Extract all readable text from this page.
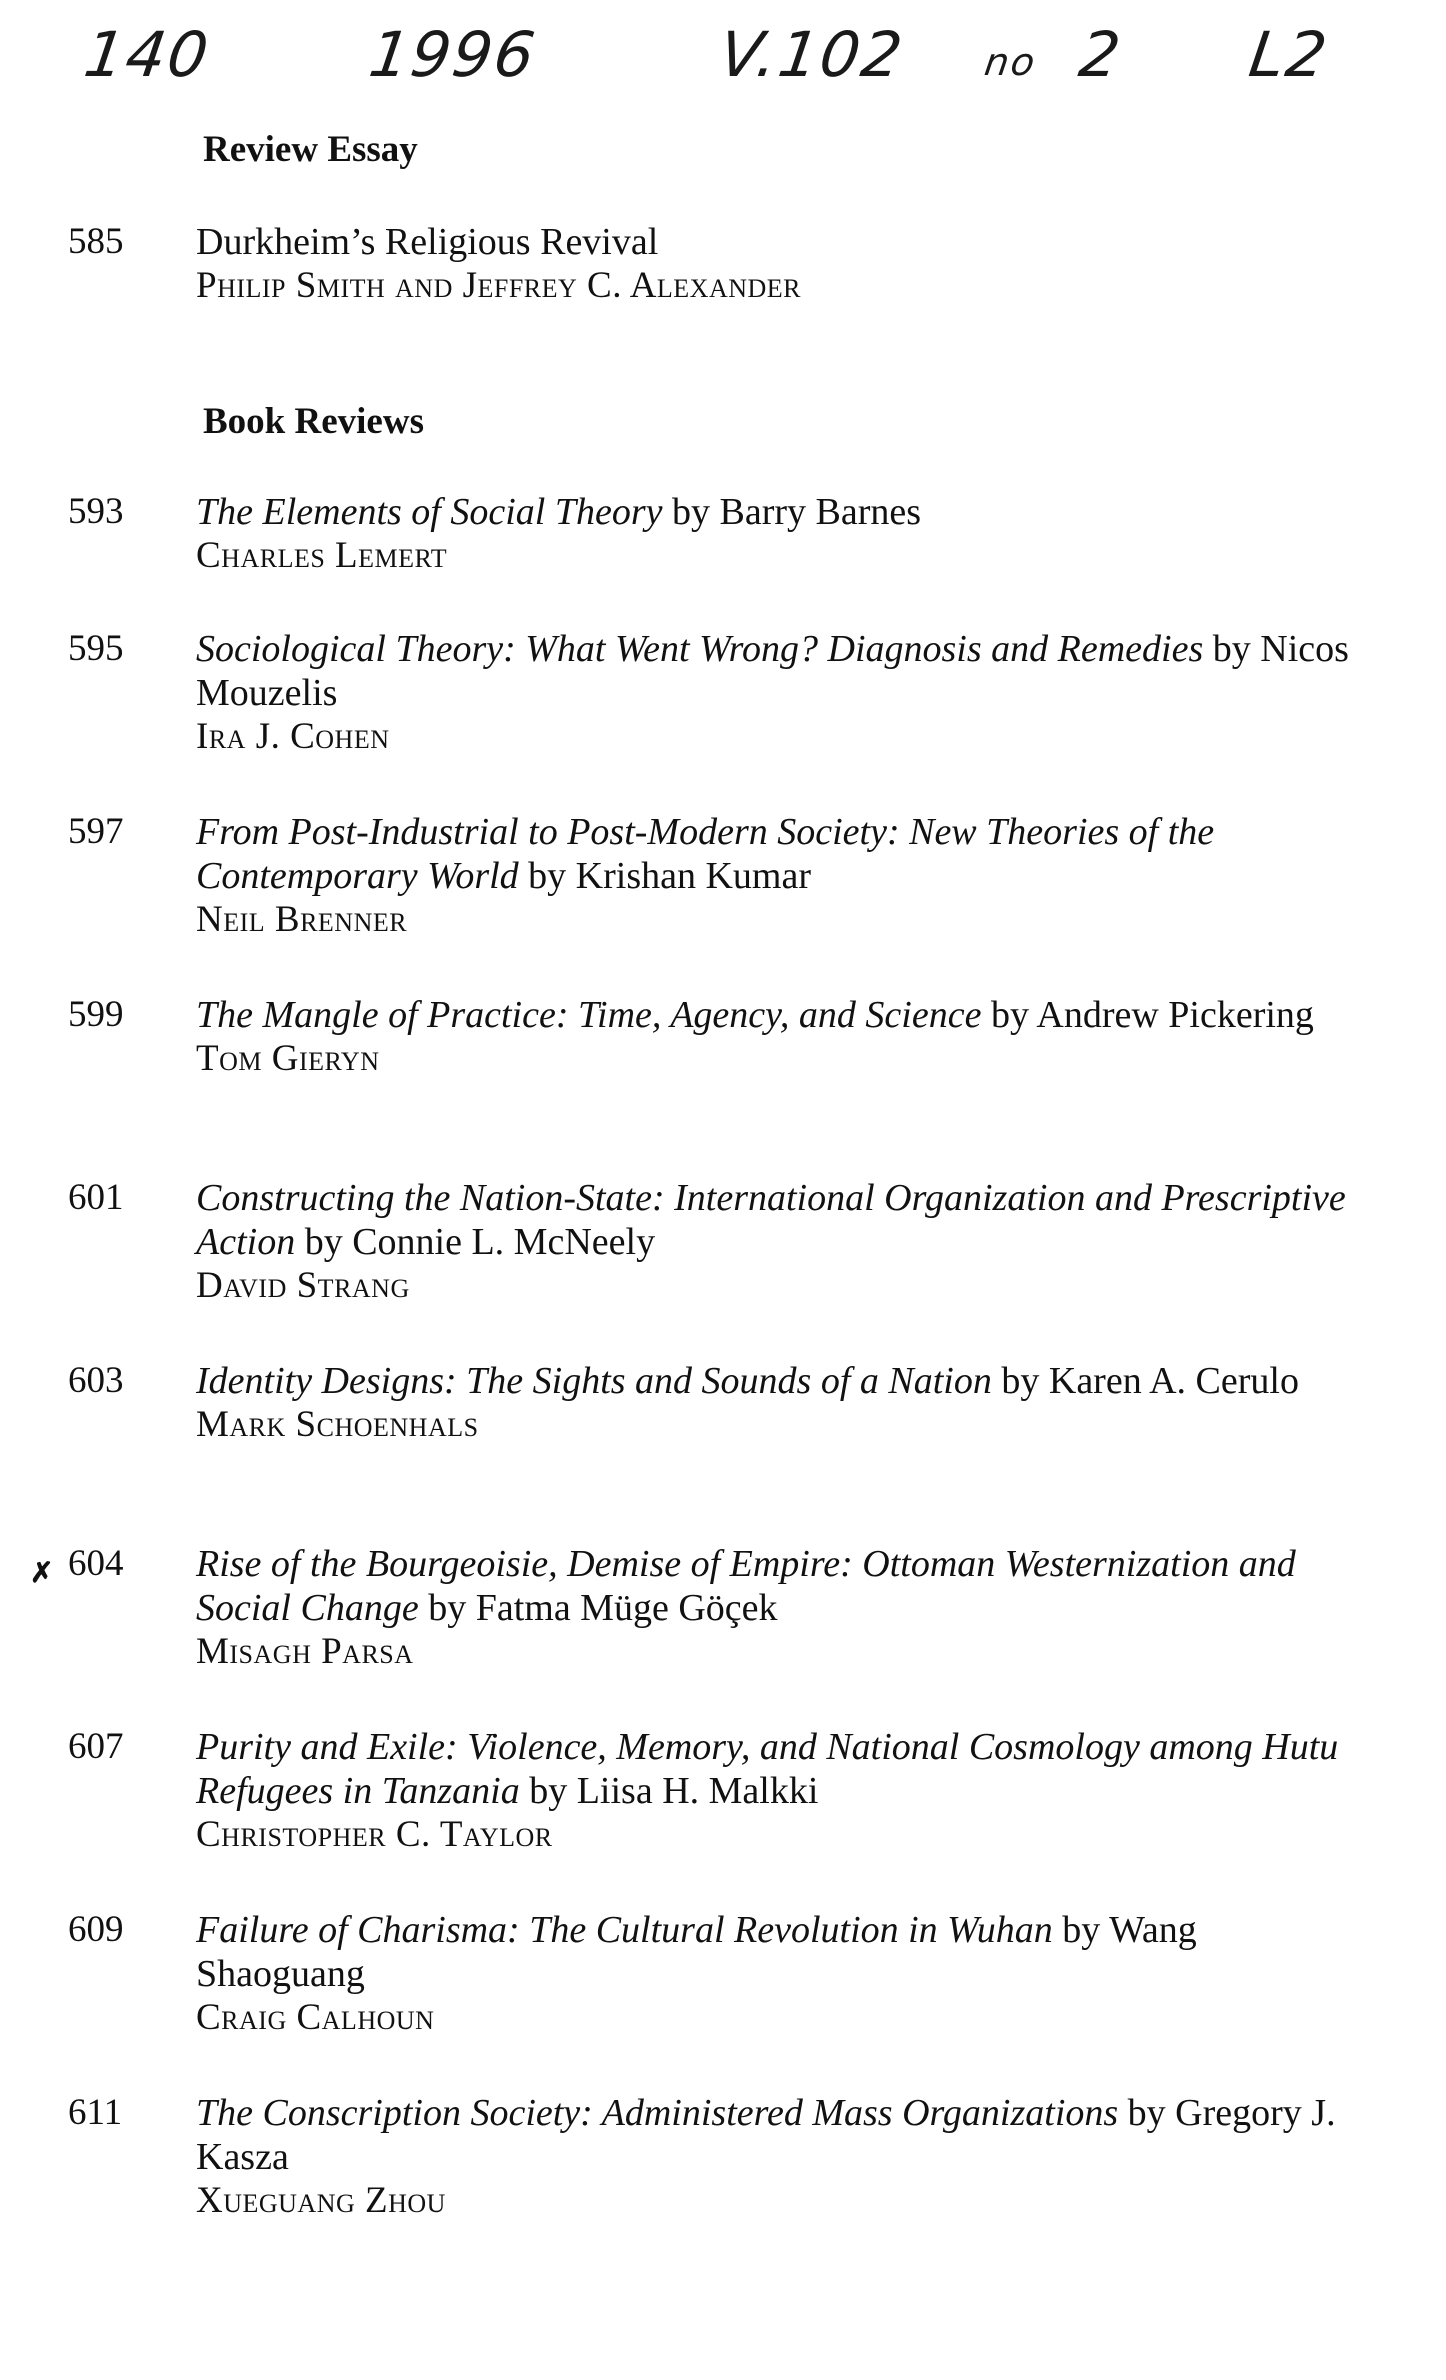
140 1996	V.102 no 2 L2
Review Essay
585 Durkheim’s Religious Revival
Philip Smith and Jeffrey C. Alexander
Book Reviews
593 The Elements of Social Theory by Barry Barnes
Charles Lemert
595 Sociological Theory: What Went Wrong? Diagnosis and Remedies by Nicos Mouzelis
Ira J. Cohen
597 From Post-Industrial to Post-Modern Society: New Theories of the Contemporary World by Krishan Kumar
Neil Brenner
599 The Mangle of Practice: Time, Agency, and Science by Andrew Pickering
Tom Gieryn
601 Constructing the Nation-State: International Organization and Prescriptive Action by Connie L. McNeely
David Strang
603 Identity Designs: The Sights and Sounds of a Nation by Karen A. Cerulo
Mark Schoenhals
✗ 604 Rise of the Bourgeoisie, Demise of Empire: Ottoman Westernization and Social Change by Fatma Müge Göçek
Misagh Parsa
607 Purity and Exile: Violence, Memory, and National Cosmology among Hutu Refugees in Tanzania by Liisa H. Malkki
Christopher C. Taylor
609 Failure of Charisma: The Cultural Revolution in Wuhan by Wang Shaoguang
Craig Calhoun
611 The Conscription Society: Administered Mass Organizations by Gregory J. Kasza
Xueguang Zhou
